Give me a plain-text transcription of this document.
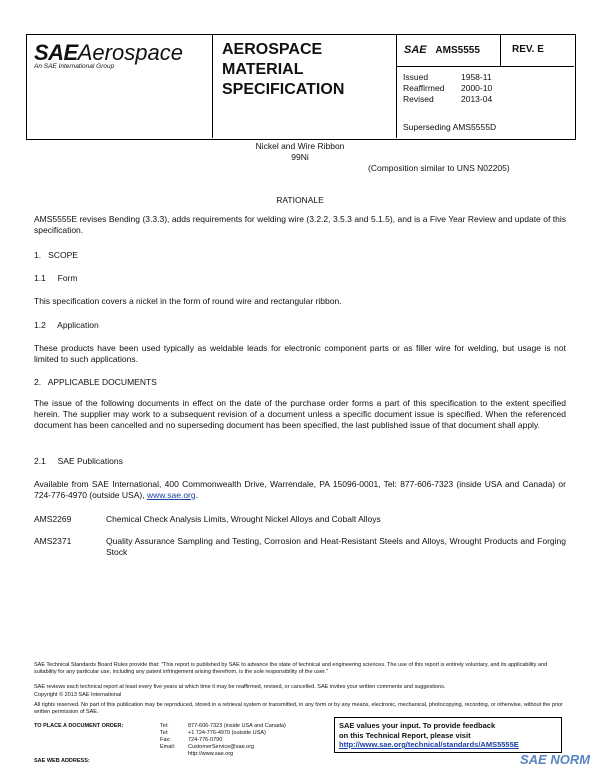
SAEAerospace
An SAE International Group
AEROSPACE
MATERIAL
SPECIFICATION
SAE AMS5555	REV. E
Issued	1958-11
Reaffirmed	2000-10
Revised	2013-04
Superseding AMS5555D
Nickel and Wire Ribbon
99Ni
(Composition similar to UNS N02205)
RATIONALE
AMS5555E revises Bending (3.3.3), adds requirements for welding wire (3.2.2, 3.5.3 and 5.1.5), and is a Five Year Review and update of this specification.
1.   SCOPE
1.1     Form
This specification covers a nickel in the form of round wire and rectangular ribbon.
1.2     Application
These products have been used typically as weldable leads for electronic component parts or as filler wire for welding, but usage is not limited to such applications.
2.   APPLICABLE DOCUMENTS
The issue of the following documents in effect on the date of the purchase order forms a part of this specification to the extent specified herein. The supplier may work to a subsequent revision of a document unless a specific document issue is specified. When the referenced document has been cancelled and no superseding document has been specified, the last published issue of that document shall apply.
2.1     SAE Publications
Available from SAE International, 400 Commonwealth Drive, Warrendale, PA 15096-0001, Tel: 877-606-7323 (inside USA and Canada) or 724-776-4970 (outside USA), www.sae.org.
AMS2269	Chemical Check Analysis Limits, Wrought Nickel Alloys and Cobalt Alloys
AMS2371	Quality Assurance Sampling and Testing, Corrosion and Heat-Resistant Steels and Alloys, Wrought Products and Forging Stock
SAE Technical Standards Board Rules provide that: "This report is published by SAE to advance the state of technical and engineering sciences. The use of this report is entirely voluntary, and its applicability and suitability for any particular use, including any patent infringement arising therefrom, is the sole responsibility of the user."
SAE reviews each technical report at least every five years at which time it may be reaffirmed, revised, or cancelled. SAE invites your written comments and suggestions.
Copyright © 2013 SAE International
All rights reserved. No part of this publication may be reproduced, stored in a retrieval system or transmitted, in any form or by any means, electronic, mechanical, photocopying, recording, or otherwise, without the prior written permission of SAE.
TO PLACE A DOCUMENT ORDER:	Tel:	877-606-7323 (inside USA and Canada)
Tel:	+1 724-776-4970 (outside USA)
Fax:	724-776-0790
Email:	CustomerService@sae.org
http://www.sae.org
SAE WEB ADDRESS:
SAE values your input. To provide feedback
on this Technical Report, please visit
http://www.sae.org/technical/standards/AMS5555E
SAE NORM
